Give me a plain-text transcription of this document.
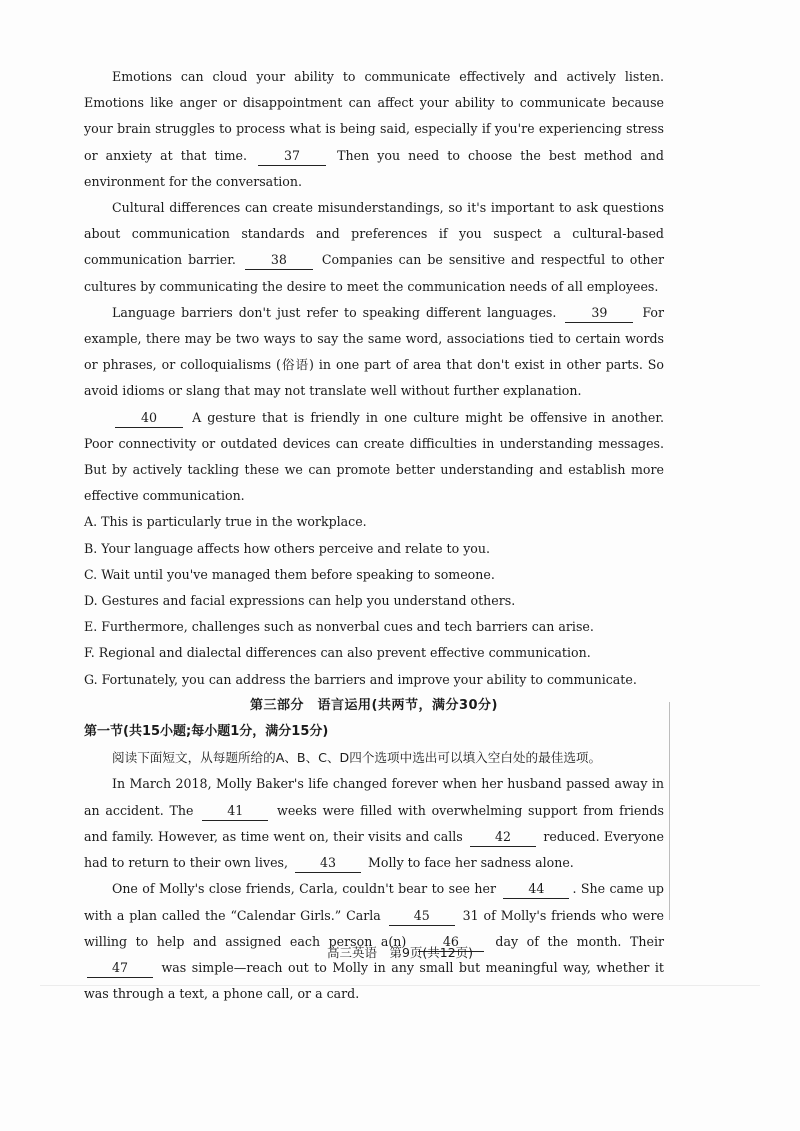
Emotions can cloud your ability to communicate effectively and actively listen. Emotions like anger or disappointment can affect your ability to communicate because your brain struggles to process what is being said, especially if you're experiencing stress or anxiety at that time.	37	Then you need to choose the best method and environment for the conversation.

Cultural differences can create misunderstandings, so it's important to ask questions about communication standards and preferences if you suspect a cultural-based communication barrier.	38	Companies can be sensitive and respectful to other cultures by communicating the desire to meet the communication needs of all employees.

Language barriers don't just refer to speaking different languages.	39	For example, there may be two ways to say the same word, associations tied to certain words or phrases, or colloquialisms (俗语) in one part of area that don't exist in other parts. So avoid idioms or slang that may not translate well without further explanation.

40	A gesture that is friendly in one culture might be offensive in another. Poor connectivity or outdated devices can create difficulties in understanding messages. But by actively tackling these we can promote better understanding and establish more effective communication.

A. This is particularly true in the workplace.

B. Your language affects how others perceive and relate to you.

C. Wait until you've managed them before speaking to someone.

D. Gestures and facial expressions can help you understand others.

E. Furthermore, challenges such as nonverbal cues and tech barriers can arise.

F. Regional and dialectal differences can also prevent effective communication.

G. Fortunately, you can address the barriers and improve your ability to communicate.

第三部分　语言运用(共两节，满分30分)

第一节(共15小题;每小题1分，满分15分)

阅读下面短文，从每题所给的A、B、C、D四个选项中选出可以填入空白处的最佳选项。

In March 2018, Molly Baker's life changed forever when her husband passed away in an accident. The	41	weeks were filled with overwhelming support from friends and family. However, as time went on, their visits and calls	42	reduced. Everyone had to return to their own lives,	43	Molly to face her sadness alone.

One of Molly's close friends, Carla, couldn't bear to see her	44 . She came up with a plan called the “Calendar Girls.” Carla	45	31 of Molly's friends who were willing to help and assigned each person a(n)	46	day of the month. Their 47	was simple—reach out to Molly in any small but meaningful way, whether it was through a text, a phone call, or a card.

高三英语　第9页(共12页)
